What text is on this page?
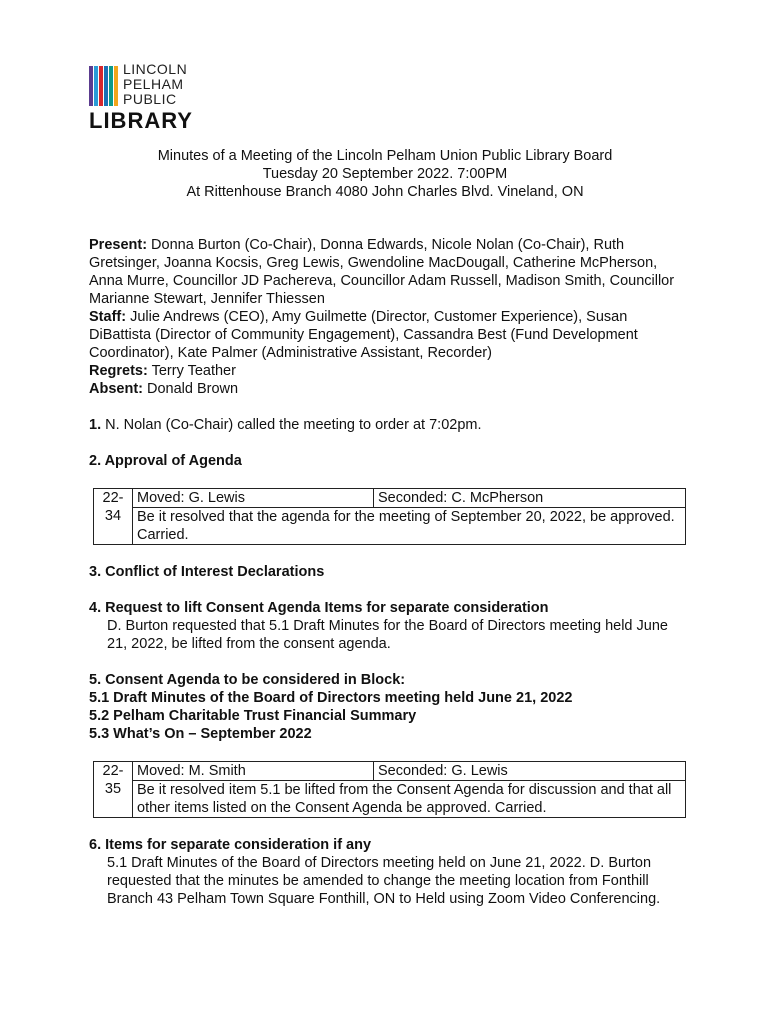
LINCOLN
PELHAM
PUBLIC
LIBRARY
Minutes of a Meeting of the Lincoln Pelham Union Public Library Board
Tuesday 20 September 2022. 7:00PM
At Rittenhouse Branch 4080 John Charles Blvd. Vineland, ON

Present: Donna Burton (Co-Chair), Donna Edwards, Nicole Nolan (Co-Chair), Ruth Gretsinger, Joanna Kocsis, Greg Lewis, Gwendoline MacDougall, Catherine McPherson, Anna Murre, Councillor JD Pachereva, Councillor Adam Russell, Madison Smith, Councillor Marianne Stewart, Jennifer Thiessen

Staff: Julie Andrews (CEO), Amy Guilmette (Director, Customer Experience), Susan DiBattista (Director of Community Engagement), Cassandra Best (Fund Development Coordinator), Kate Palmer (Administrative Assistant, Recorder)

Regrets: Terry Teather

Absent: Donald Brown

1. N. Nolan (Co-Chair) called the meeting to order at 7:02pm.

2. Approval of Agenda

22-34	Moved: G. Lewis	Seconded: C. McPherson
Be it resolved that the agenda for the meeting of September 20, 2022, be approved. Carried.

3. Conflict of Interest Declarations

4. Request to lift Consent Agenda Items for separate consideration

D. Burton requested that 5.1 Draft Minutes for the Board of Directors meeting held June 21, 2022, be lifted from the consent agenda.

5. Consent Agenda to be considered in Block:

5.1 Draft Minutes of the Board of Directors meeting held June 21, 2022

5.2 Pelham Charitable Trust Financial Summary

5.3 What’s On – September 2022

22-35	Moved: M. Smith	Seconded: G. Lewis
Be it resolved item 5.1 be lifted from the Consent Agenda for discussion and that all other items listed on the Consent Agenda be approved. Carried.

6. Items for separate consideration if any

5.1 Draft Minutes of the Board of Directors meeting held on June 21, 2022. D. Burton requested that the minutes be amended to change the meeting location from Fonthill Branch 43 Pelham Town Square Fonthill, ON to Held using Zoom Video Conferencing.
